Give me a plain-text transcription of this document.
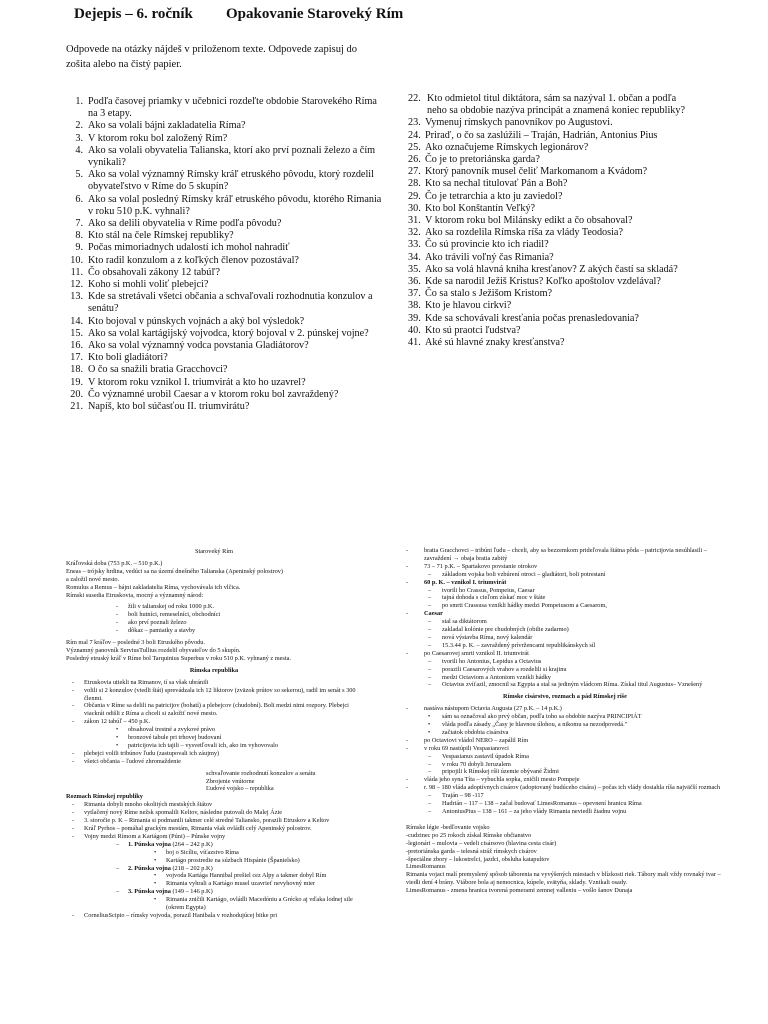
Dejepis – 6. ročník Opakovanie Staroveký Rím
Odpovede na otázky nájdeš v priloženom texte. Odpovede zapisuj do zošita alebo na čistý papier.
1. Podľa časovej priamky v učebnici rozdeľte obdobie Starovekého Ríma na 3 etapy.
2. Ako sa volali bájni zakladatelia Ríma?
3. V ktorom roku bol založený Rím?
4. Ako sa volali obyvatelia Talianska, ktorí ako prví poznali železo a čím vynikali?
5. Ako sa volal významný Rímsky kráľ etruského pôvodu, ktorý rozdelil obyvateľstvo v Ríme do 5 skupín?
6. Ako sa volal posledný Rímsky kráľ etruského pôvodu, ktorého Rimania v roku 510 p.K. vyhnali?
7. Ako sa delili obyvatelia v Ríme podľa pôvodu?
8. Kto stál na čele Rímskej republiky?
9. Počas mimoriadnych udalostí ich mohol nahradiť
10. Kto radil konzulom a z koľkých členov pozostával?
11. Čo obsahovali zákony 12 tabúľ?
12. Koho si mohli voliť plebejci?
13. Kde sa stretávali všetci občania a schvaľovali rozhodnutia konzulov a senátu?
14. Kto bojoval v púnskych vojnách a aký bol výsledok?
15. Ako sa volal kartágijský vojvodca, ktorý bojoval v 2. púnskej vojne?
16. Ako sa volal významný vodca povstania Gladiátorov?
17. Kto boli gladiátori?
18. O čo sa snažili bratia Gracchovci?
19. V ktorom roku vznikol I. triumvirát a kto ho uzavrel?
20. Čo významné urobil Caesar a v ktorom roku bol zavraždený?
21. Napíš, kto bol súčasťou II. triumvirátu?
22. Kto odmietol titul diktátora, sám sa nazýval 1. občan a podľa neho sa obdobie nazýva principát a znamená koniec republiky?
23. Vymenuj rímskych panovníkov po Augustovi.
24. Priraď, o čo sa zaslúžili – Traján, Hadrián, Antonius Pius
25. Ako označujeme Rímskych legionárov?
26. Čo je to pretoriánska garda?
27. Ktorý panovník musel čeliť Markomanom a Kvádom?
28. Kto sa nechal titulovať Pán a Boh?
29. Čo je tetrarchia a kto ju zaviedol?
30. Kto bol Konštantín Veľký?
31. V ktorom roku bol Milánsky edikt a čo obsahoval?
32. Ako sa rozdelila Rímska ríša za vlády Teodosia?
33. Čo sú provincie kto ich riadil?
34. Ako trávili voľný čas Rimania?
35. Ako sa volá hlavná kniha kresťanov? Z akých častí sa skladá?
36. Kde sa narodil Ježiš Kristus? Koľko apoštolov vzdelával?
37. Čo sa stalo s Ježišom Kristom?
38. Kto je hlavou cirkvi?
39. Kde sa schovávali kresťania počas prenasledovania?
40. Kto sú praotci ľudstva?
41. Aké sú hlavné znaky kresťanstva?
Staroveký Rím
Kráľovská doba (753 p.K. – 510 p.K.)
Eneas – trójsky hrdina, vedúci sa na území dnešného Talianska (Apeninský polostrov)
a založil nové mesto.
Romulus a Remus – bájni zakladatelia Ríma, vychovávala ich vlčica.
Rímski susedia Etruskovia, mocný a významný národ:
-	žili v talianskej od roku 1000 p.K.
-	boli hutníci, remeselníci, obchodníci
-	ako prví poznali železo
-	dôkaz – pamiatky a stavby
Rím mal 7 kráľov – posledné 3 boli Etruského pôvodu.
Významný panovník ServiusTullius rozdelil obyvateľov do 5 skupín.
Posledný etruský kráľ v Ríme bol Tarquinius Superbus v roku 510 p.K. vyhnaný z mesta.
Rímska republika
-	Etruskovia utiekli na Rimanov, tí sa však ubránili
-	volili si 2 konzulov (viedli štát) sprevádzala ich 12 liktorov (zväzok prútov so sekerou), radil im senát s 300 členmi.
-	Občania v Ríme sa delili na patricijov (bohatí) a plebejcov (chudobní). Boli medzi nimi rozpory. Plebejci viackrát odišli z Ríma a chceli si založiť nové mesto.
-	zákon 12 tabúľ – 450 p.K.
•	obsahoval trestné a zvykové právo
•	bronzové tabule pri trhovej budovaní
•	patricijovia ich tajili – vysvetľovali ich, ako im vyhovovalo
-	plebejci volili tribúnov ľudu (zastupovali ich záujmy)
-	všetci občania – ľudové zhromaždenie
schvaľovanie rozhodnutí konzulov a senátu
Zbrojenie vnútorne
Ľudové vojsko – republika
Rozmach Rímskej republiky
-	Rimania dobyli mnoho okolitých mestských štátov
-	vytlačený nový Ríme nežsk spomalili Keltov, následne putovali do Malej Ázie
-	3. storočie p. K – Rimania si podmanili takmer celé stredné Taliansko, porazili Etruskov a Keltov
-	Kráľ Pyrhos – pomáhal grackým mestám, Rimania však ovládli celý Apeninský polostrov.
-	Vojny medzi Rímom a Kartágom (Púni) – Púnske vojny
–	1. Púnska vojna (264 – 242 p.K)
•	boj o Sicíliu, víťazstvo Ríma
•	Kartágo prostredie na súzbach Hispánie (Španielsko)
–	2. Púnska vojna (218 – 202 p.K)
•	vojvoda Kartága Hannibal prešiel cez Alpy a takmer dobyl Rím
•	Rimania vyhrali a Kartágo musel uzavrieť nevyhovný mier
–	3. Púnska vojna (149 – 146 p.K)
•	Rimania zničili Kartágo, ovládli Macedóniu a Grécko aj vďaka lodnej sile (okrem Egypta)
-	CorneliusScipio – rímsky vojvoda, porazil Hanibala v rozhodujúcej bitke pri
-	bratia Gracchovci – tribúni ľudu – chceli, aby sa bezzemkom prideľovala štátna pôda – patricijovia nesúhlasili – zavraždení → obaja bratia zabitý
-	73 – 71 p.K. – Spartakovo povstanie otrokov
–	základom vojska boli vzbúrení otroci – gladiátori, boli potrestaní
-	60 p. K. – vznikol I. triumvirát
–	tvorili ho Crassus, Pompeius, Caesar
–	tajná dohoda s cieľom získať moc v štáte
–	po smrti Crassusa vznikli hádky medzi Pompeiusom a Caesarom,
-	Caesar
–	stal sa diktátorom
–	zakladal kolónie pre chudobných (obilie zadarmo)
–	nová výstavba Ríma, nový kalendár
–	15.3.44 p. K. – zavraždený prívržencami republikánskych síl
-	po Caesarovej smrti vznikol II. triumvirát
–	tvorili ho Antonius, Lepidus a Octavius
–	porazili Caesarových vrahov a rozdelili si krajinu
–	medzi Octaviom a Antoniom vznikli hádky
–	Octavius zvíťazil, zmocnil sa Egypta a stal sa jediným vládcom Ríma. Získal titul Augustus– Vznešený
Rímske cisárstvo, rozmach a pád Rímskej ríše
-	nastáva nástupom Octavia Augusta (27 p.K. – 14 p.K.)
•	sám sa označoval ako prvý občan, podľa toho sa obdobie nazýva PRINCIPIÁT
•	vláda podľa zásady „Časy je hlavnou úlohou, a nikomu sa nezodpovedá."
•	začiatok obdobia cisárstva
-	po Octaviovi vládol NERO – zapálil Rím
-	v roku 69 nastúpili Vespasianovci
–	Vespasianus zastavil úpadok Ríma
–	v roku 70 dobyli Jeruzalem
–	pripojili k Rímskej ríši územie obývané Židmi
-	vláda jeho syna Títa – vybuchla sopka, zničili mesto Pompeje
-	r. 98 – 180 vláda adoptívnych cisárov (adoptovaný budúceho cisára) – počas ich vlády dosiahla ríša najväčší rozmach
–	Traján – 98 -117
–	Hadrián – 117 – 138 – začal budovať LimesRomanus – opevnení hranicu Ríma
–	AntoniusPius – 138 – 161 – za jeho vlády Rimania neviedli žiadnu vojnu
Rímske légie -bedľovanie vojsko
-cudzinec po 25 rokoch získal Rímske občianstvo
-legionári – mulovia – vedeli cisársovo (hlavina cesta cisár)
-pretoriánska garda – telesná stráž rímskych cisárov
-špeciálne zbory – lukostrelci, jazdci, obsluha katapultov
LimesRomanus
Rimania vojaci malí premyslený spôsob táborenia na vyvýšených miestach v blízkosti riek. Tábory mali vždy rovnaký tvar – viedli dení 4 brány. Vtábore bola aj nemocnica, kúpele, svätyňa, sklady. Vznikali osady.
LimesRomanus - zmena hranica tvorená pomerami zemnej valleniu – vošlo šanov Dunaja
